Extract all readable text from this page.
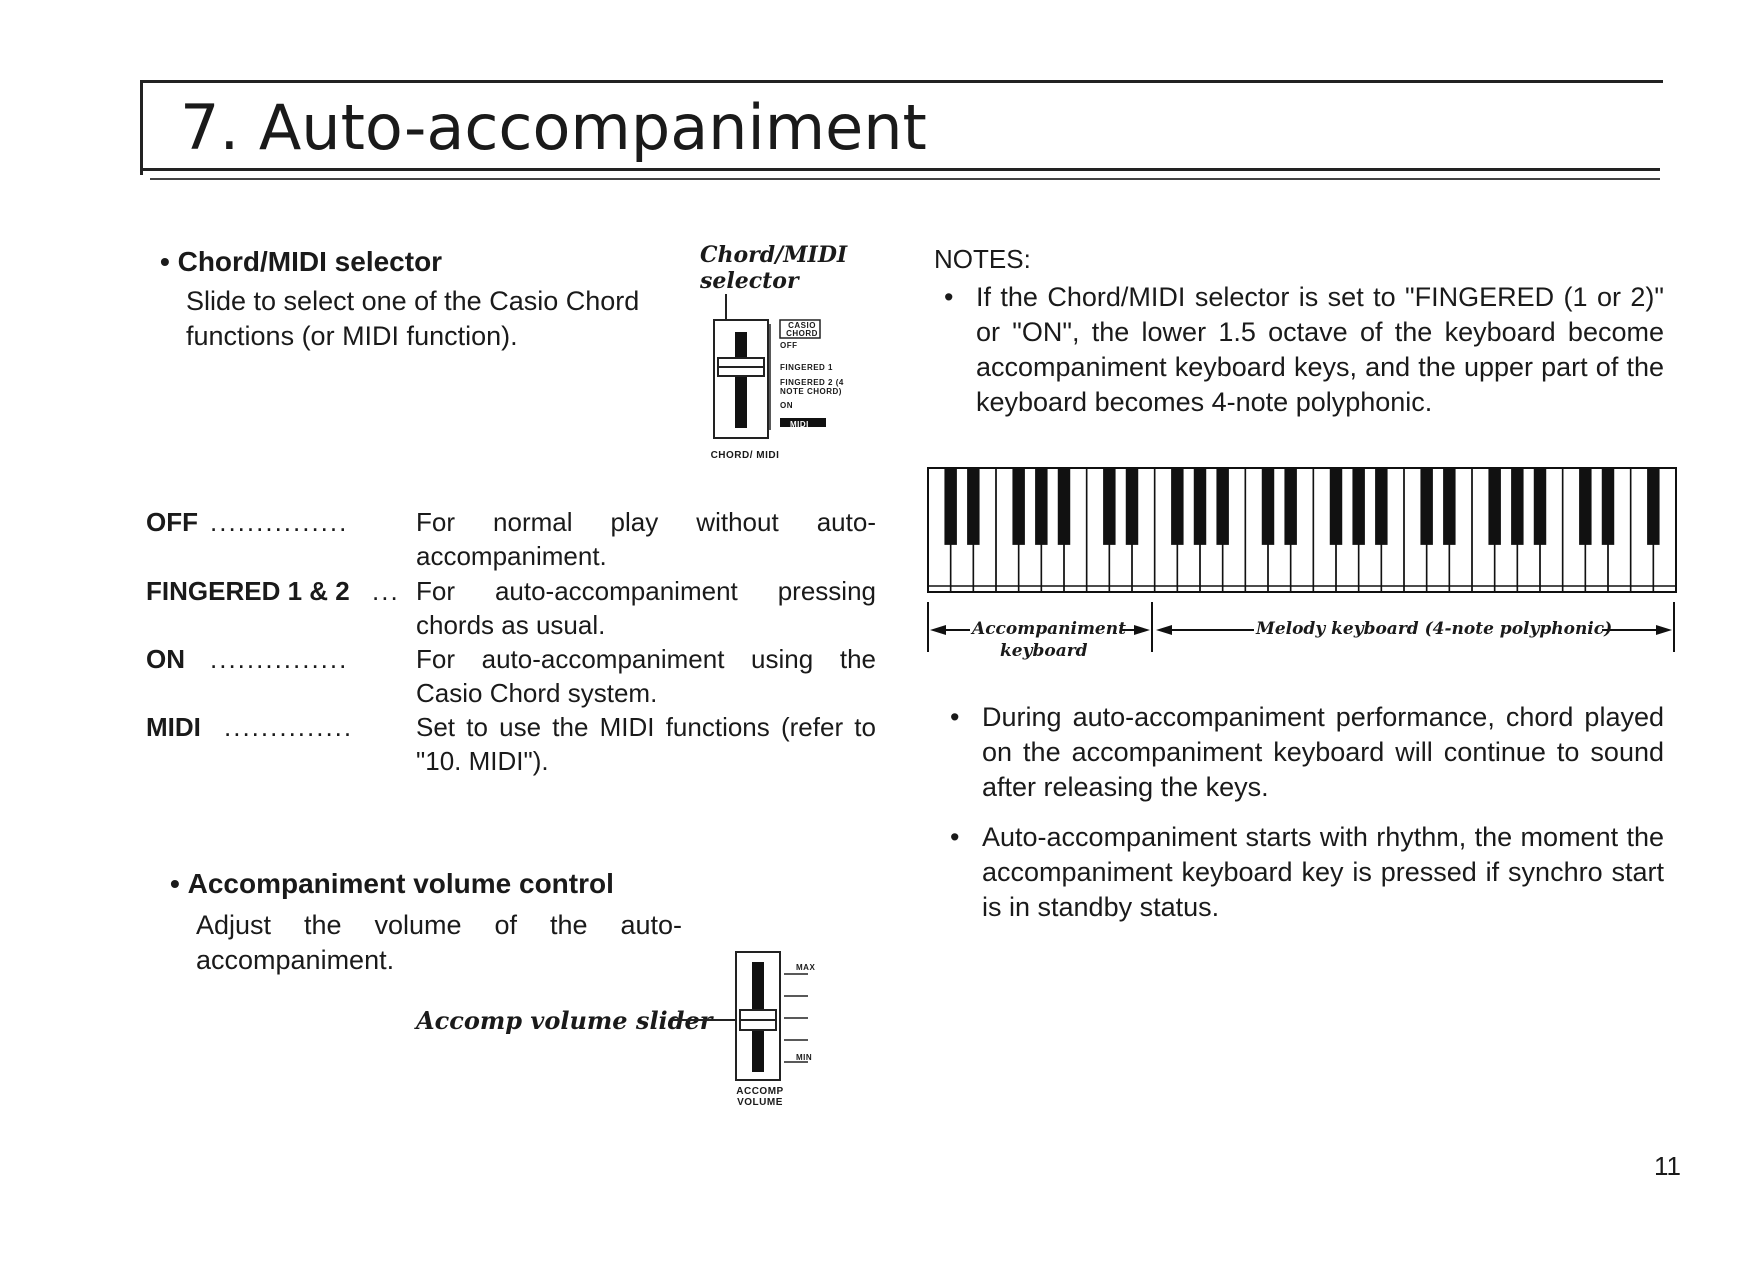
7. Auto-accompaniment
• Chord/MIDI selector
Slide to select one of the Casio Chord functions (or MIDI function).
Chord/MIDI selector
CASIO CHORD
OFF
FINGERED 1
FINGERED 2 (4 NOTE CHORD)
ON
MIDI
CHORD/ MIDI
OFF ...............	For normal play without auto-accompaniment.
FINGERED 1 & 2 ... For auto-accompaniment pressing chords as usual.
ON ...............	For auto-accompaniment using the Casio Chord system.
MIDI .............. Set to use the MIDI functions (refer to "10. MIDI").
• Accompaniment volume control
Adjust the volume of the auto-accompaniment.
Accomp volume slider
MAX
MIN
ACCOMP VOLUME
NOTES:
• If the Chord/MIDI selector is set to "FINGERED (1 or 2)" or "ON", the lower 1.5 octave of the keyboard become accompaniment keyboard keys, and the upper part of the keyboard becomes 4-note polyphonic.
Accompaniment
keyboard
Melody keyboard (4-note polyphonic)
• During auto-accompaniment performance, chord played on the accompaniment keyboard will continue to sound after releasing the keys.
• Auto-accompaniment starts with rhythm, the moment the accompaniment keyboard key is pressed if synchro start is in standby status.
11
